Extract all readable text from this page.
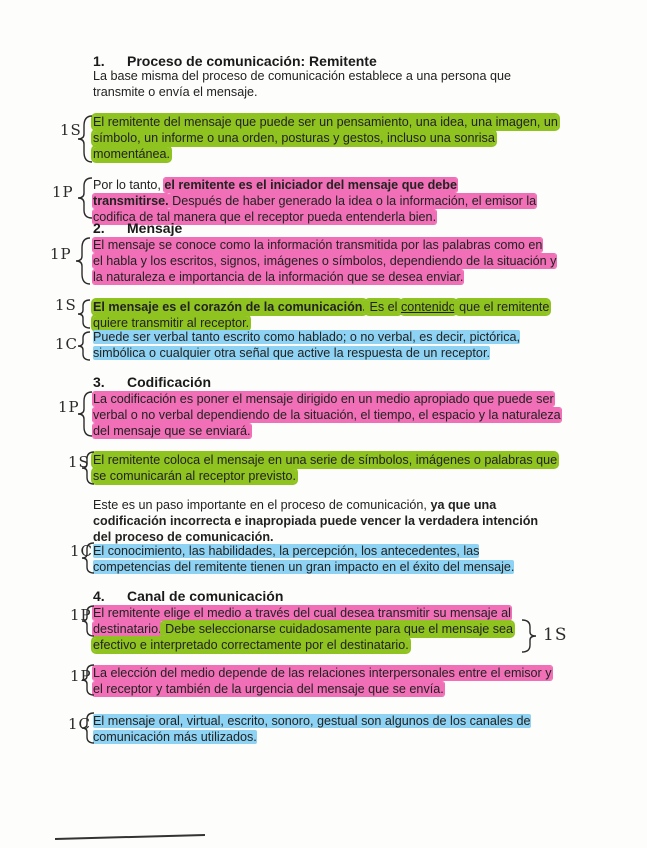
1. Proceso de comunicación: Remitente
La base misma del proceso de comunicación establece a una persona que
transmite o envía el mensaje.
El remitente del mensaje que puede ser un pensamiento, una idea, una imagen, un
símbolo, un informe o una orden, posturas y gestos, incluso una sonrisa
momentánea.
Por lo tanto, el remitente es el iniciador del mensaje que debe
transmitirse. Después de haber generado la idea o la información, el emisor la
codifica de tal manera que el receptor pueda entenderla bien.
2. Mensaje
El mensaje se conoce como la información transmitida por las palabras como en
el habla y los escritos, signos, imágenes o símbolos, dependiendo de la situación y
la naturaleza e importancia de la información que se desea enviar.
El mensaje es el corazón de la comunicación. Es el contenido que el remitente
quiere transmitir al receptor.
Puede ser verbal tanto escrito como hablado; o no verbal, es decir, pictórica,
simbólica o cualquier otra señal que active la respuesta de un receptor.
3. Codificación
La codificación es poner el mensaje dirigido en un medio apropiado que puede ser
verbal o no verbal dependiendo de la situación, el tiempo, el espacio y la naturaleza
del mensaje que se enviará.
El remitente coloca el mensaje en una serie de símbolos, imágenes o palabras que
se comunicarán al receptor previsto.
Este es un paso importante en el proceso de comunicación, ya que una
codificación incorrecta e inapropiada puede vencer la verdadera intención
del proceso de comunicación.
El conocimiento, las habilidades, la percepción, los antecedentes, las
competencias del remitente tienen un gran impacto en el éxito del mensaje.
4. Canal de comunicación
El remitente elige el medio a través del cual desea transmitir su mensaje al
destinatario. Debe seleccionarse cuidadosamente para que el mensaje sea
efectivo e interpretado correctamente por el destinatario.
La elección del medio depende de las relaciones interpersonales entre el emisor y
el receptor y también de la urgencia del mensaje que se envía.
El mensaje oral, virtual, escrito, sonoro, gestual son algunos de los canales de
comunicación más utilizados.
1S
1P
1P
1S
1C
1P
1S
1C
1P
1S
1P
1C
